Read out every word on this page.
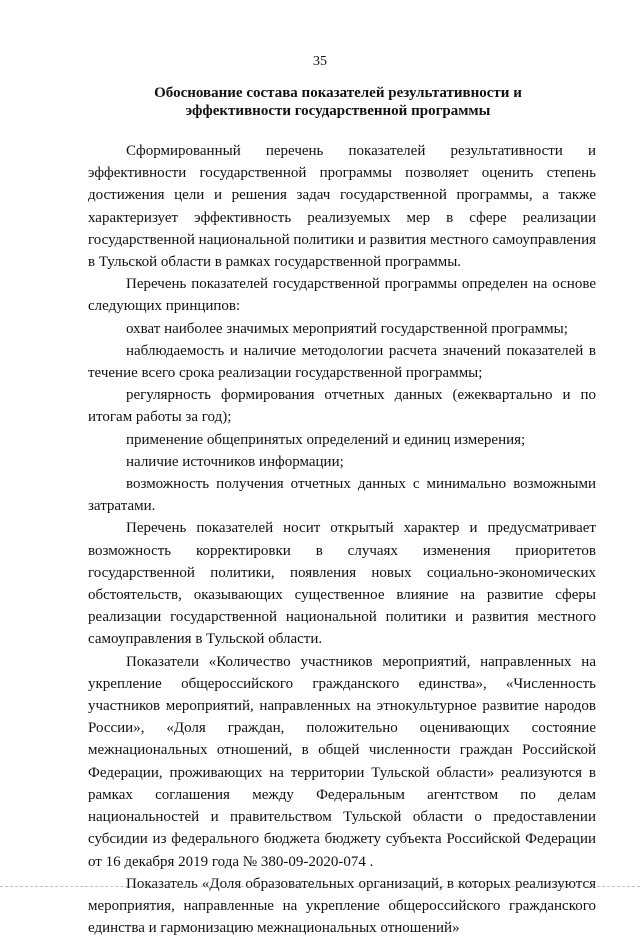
35
Обоснование состава показателей результативности и
эффективности государственной программы

Сформированный перечень показателей результативности и эффективности государственной программы позволяет оценить степень достижения цели и решения задач государственной программы, а также характеризует эффективность реализуемых мер в сфере реализации государственной национальной политики и развития местного самоуправления в Тульской области в рамках государственной программы.

Перечень показателей государственной программы определен на основе следующих принципов:

охват наиболее значимых мероприятий государственной программы;

наблюдаемость и наличие методологии расчета значений показателей в течение всего срока реализации государственной программы;

регулярность формирования отчетных данных (ежеквартально и по итогам работы за год);

применение общепринятых определений и единиц измерения;

наличие источников информации;

возможность получения отчетных данных с минимально возможными затратами.

Перечень показателей носит открытый характер и предусматривает возможность корректировки в случаях изменения приоритетов государственной политики, появления новых социально-экономических обстоятельств, оказывающих существенное влияние на развитие сферы реализации государственной национальной политики и развития местного самоуправления в Тульской области.

Показатели «Количество участников мероприятий, направленных на укрепление общероссийского гражданского единства», «Численность участников мероприятий, направленных на этнокультурное развитие народов России», «Доля граждан, положительно оценивающих состояние межнациональных отношений, в общей численности граждан Российской Федерации, проживающих на территории Тульской области» реализуются в рамках соглашения между Федеральным агентством по делам национальностей и правительством Тульской области о предоставлении субсидии из федерального бюджета бюджету субъекта Российской Федерации от 16 декабря 2019 года № 380-09-2020-074 .

Показатель «Доля образовательных организаций, в которых реализуются мероприятия, направленные на укрепление общероссийского гражданского единства и гармонизацию межнациональных отношений»
